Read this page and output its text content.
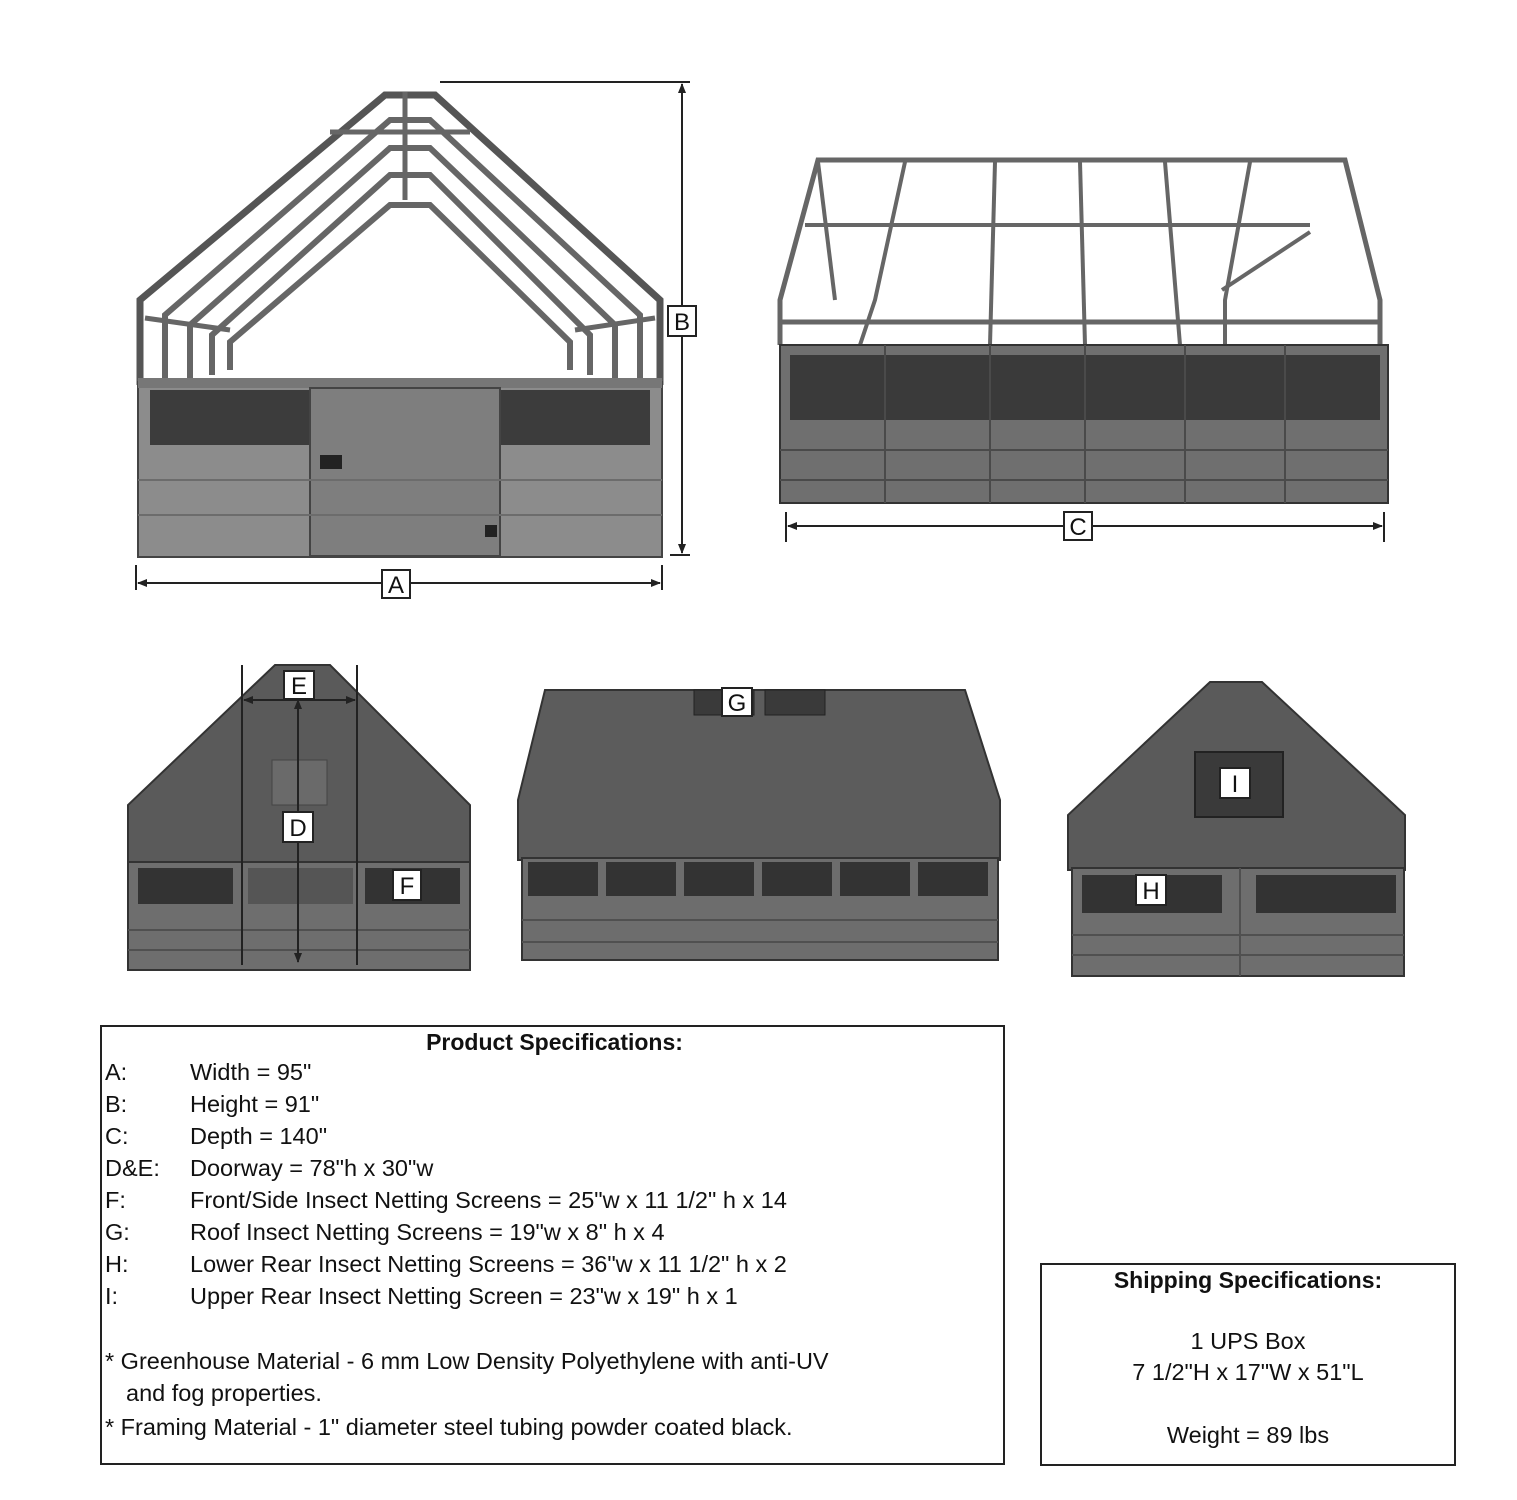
A
B
C
E
D
F
G
I
H
Product Specifications:
A:	Width = 95"
B:	Height = 91"
C:	Depth = 140"
D&E: Doorway = 78"h x 30"w
F:	Front/Side Insect Netting Screens = 25"w x 11 1/2" h x 14
G:	Roof Insect Netting Screens = 19"w x 8" h x 4
H:	Lower Rear Insect Netting Screens = 36"w x 11 1/2" h x 2
I:	Upper Rear Insect Netting Screen = 23"w x 19" h x 1
* Greenhouse Material - 6 mm Low Density Polyethylene with anti-UV
and fog properties.
* Framing Material - 1" diameter steel tubing powder coated black.
Shipping Specifications:
1 UPS Box
7 1/2"H x 17"W x 51"L
Weight = 89 lbs
